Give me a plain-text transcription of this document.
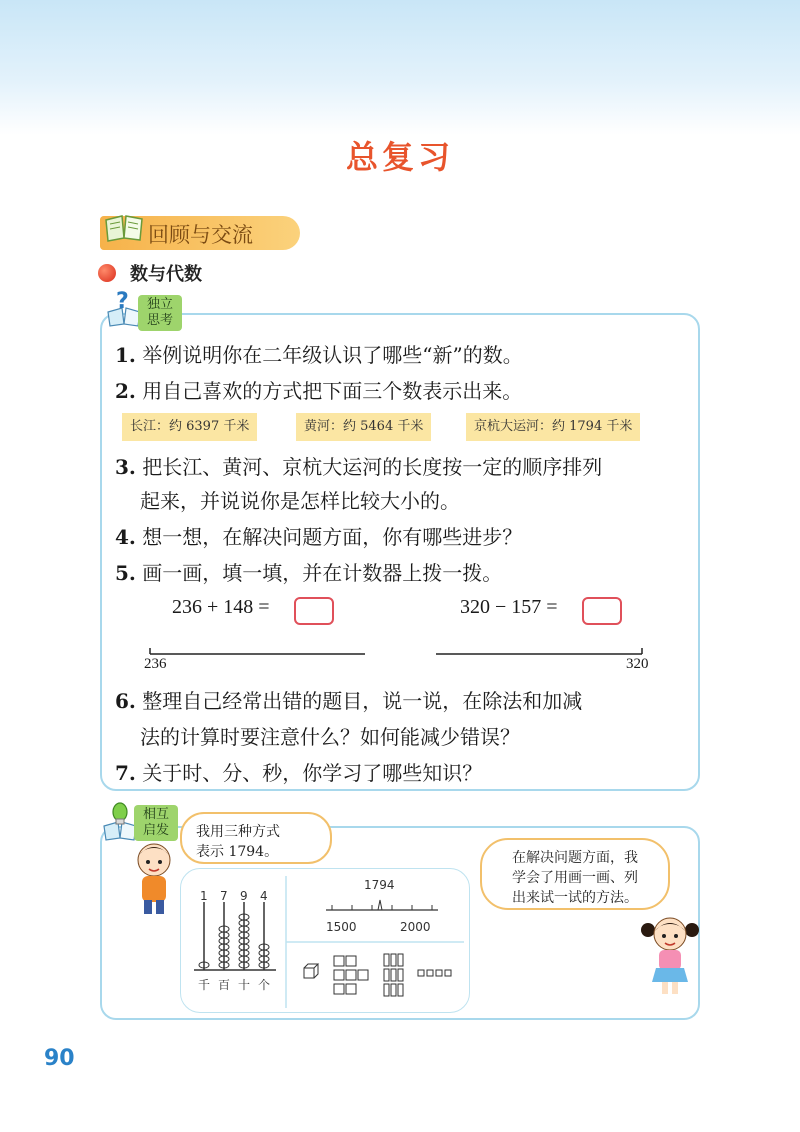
总复习
回顾与交流
数与代数
?	独立
思考
1. 举例说明你在二年级认识了哪些“新”的数。
2. 用自己喜欢的方式把下面三个数表示出来。
长江：约 6397 千米	黄河：约 5464 千米	京杭大运河：约 1794 千米
3. 把长江、黄河、京杭大运河的长度按一定的顺序排列
起来，并说说你是怎样比较大小的。
4. 想一想，在解决问题方面，你有哪些进步？
5. 画一画，填一填，并在计数器上拨一拨。
236 + 148 =	320 − 157 =
236	320
6. 整理自己经常出错的题目，说一说，在除法和加减
法的计算时要注意什么？如何能减少错误？
7. 关于时、分、秒，你学习了哪些知识？
相互
启发	我用三种方式
表示 1794。
1 7 9 4
千 百 十 个
1794
1500	2000
在解决问题方面，我
学会了用画一画、列
出来试一试的方法。
90
